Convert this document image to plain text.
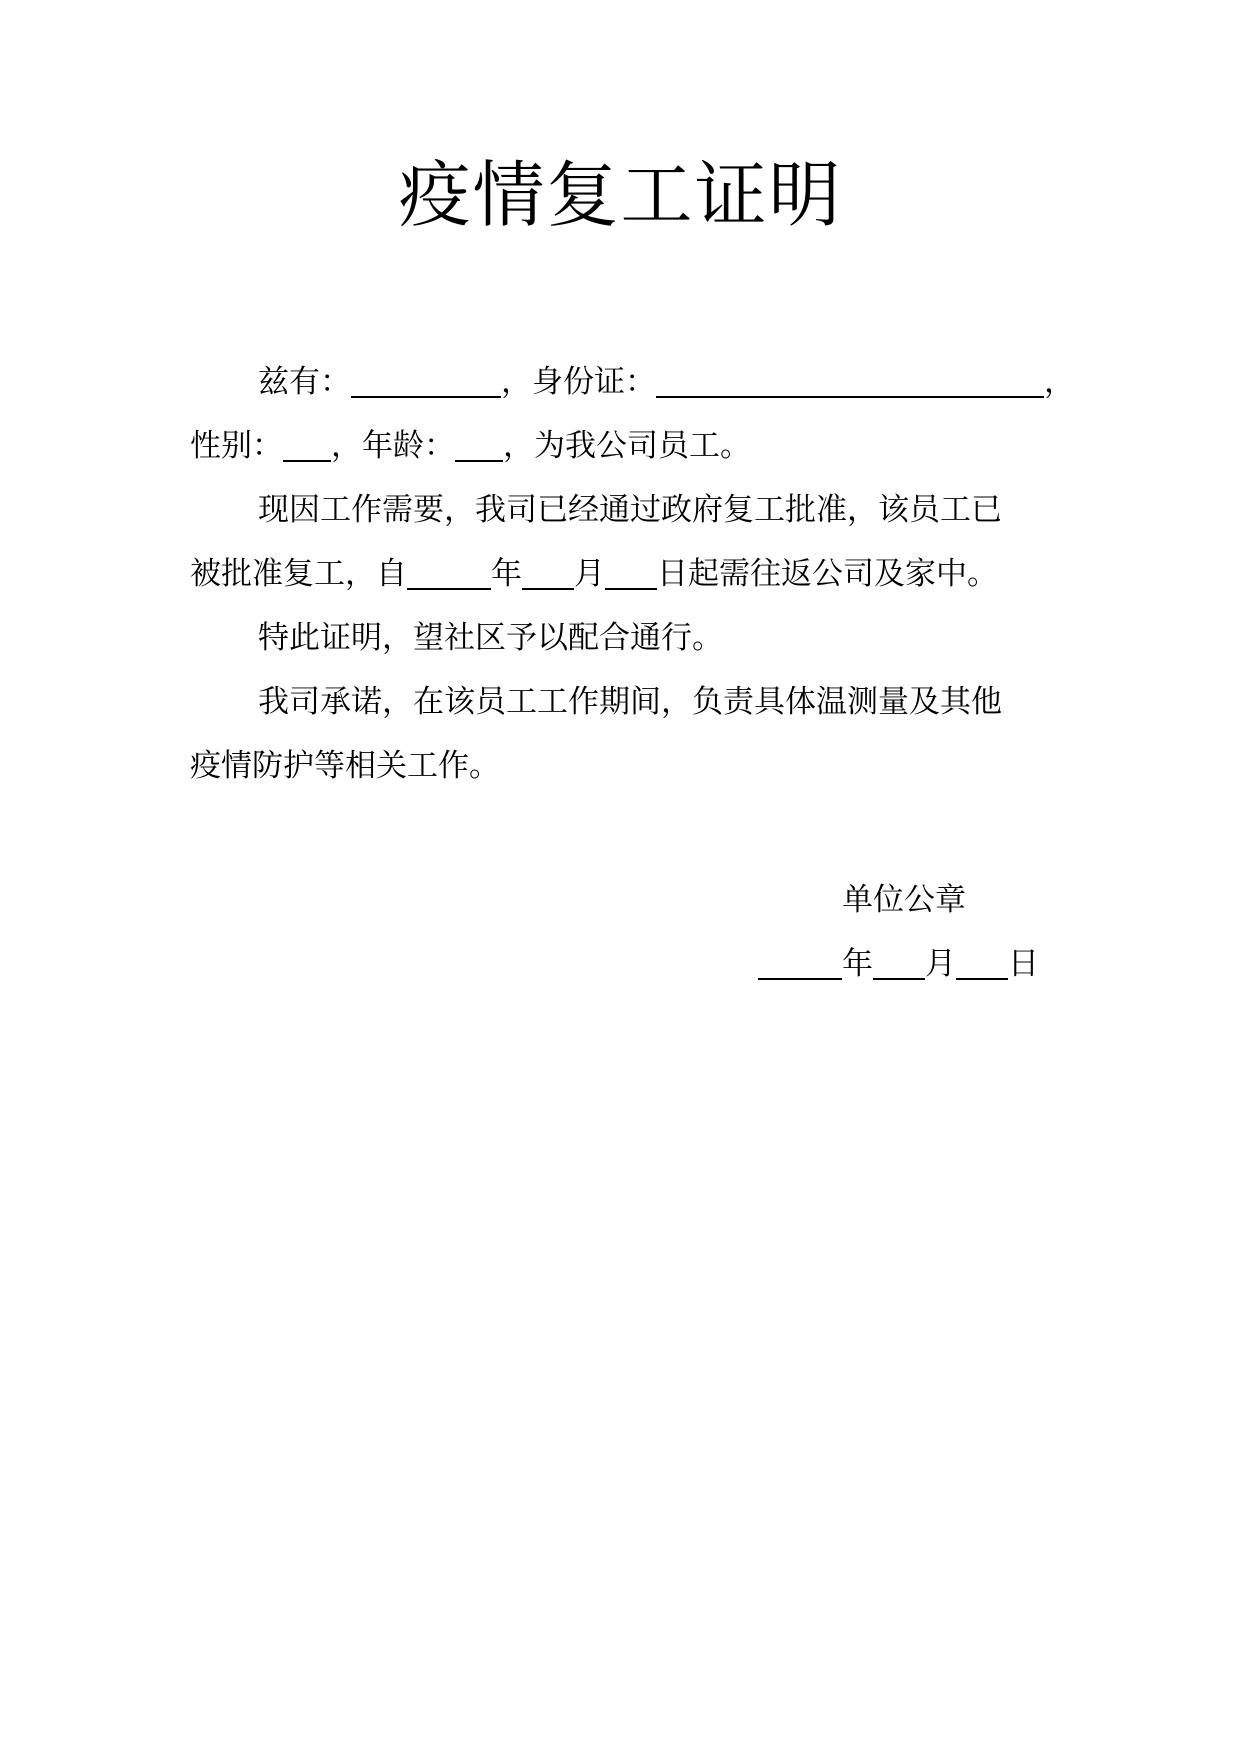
疫情复工证明
兹有：	，身份证：	，
性别： ，年龄： ，为我公司员工。
现因工作需要，我司已经通过政府复工批准，该员工已
被批准复工，自	年 月 日起需往返公司及家中。
特此证明，望社区予以配合通行。
我司承诺，在该员工工作期间，负责具体温测量及其他
疫情防护等相关工作。
单位公章
年 月 日
